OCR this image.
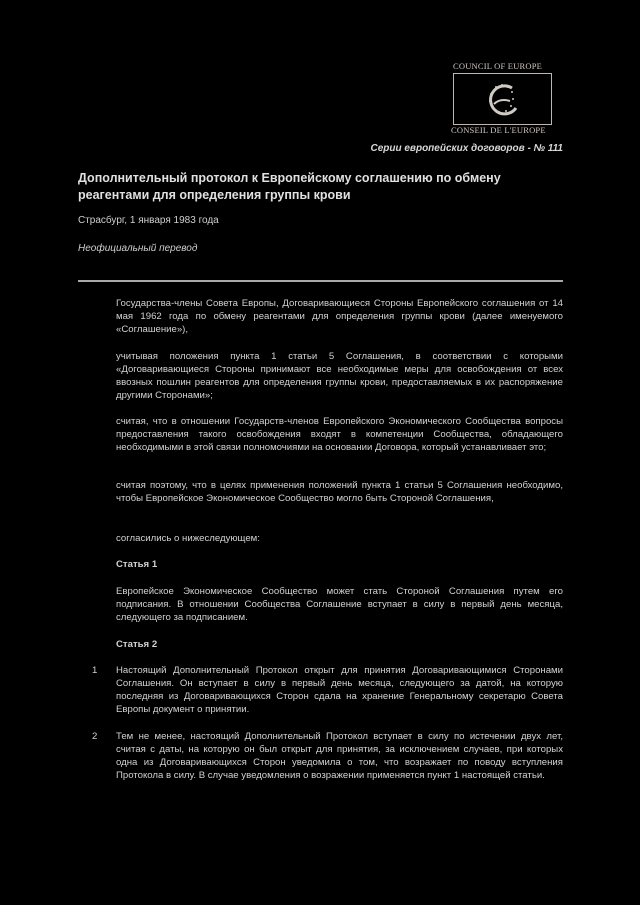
COUNCIL OF EUROPE
CONSEIL DE L'EUROPE
Серии европейских договоров - № 111
Дополнительный протокол к Европейскому соглашению по обмену реагентами для определения группы крови
Страсбург, 1 января 1983 года
Неофициальный перевод
Государства-члены Совета Европы, Договаривающиеся Стороны Европейского соглашения от 14 мая 1962 года по обмену реагентами для определения группы крови (далее именуемого «Соглашение»),
учитывая положения пункта 1 статьи 5 Соглашения, в соответствии с которыми «Договаривающиеся Стороны принимают все необходимые меры для освобождения от всех ввозных пошлин реагентов для определения группы крови, предоставляемых в их распоряжение другими Сторонами»;
считая, что в отношении Государств-членов Европейского Экономического Сообщества вопросы предоставления такого освобождения входят в компетенции Сообщества, обладающего необходимыми в этой связи полномочиями на основании Договора, который устанавливает это;
считая поэтому, что в целях применения положений пункта 1 статьи 5 Соглашения необходимо, чтобы Европейское Экономическое Сообщество могло быть Стороной Соглашения,
согласились о нижеследующем:
Статья 1
Европейское Экономическое Сообщество может стать Стороной Соглашения путем его подписания. В отношении Сообщества Соглашение вступает в силу в первый день месяца, следующего за подписанием.
Статья 2
1 Настоящий Дополнительный Протокол открыт для принятия Договаривающимися Сторонами Соглашения. Он вступает в силу в первый день месяца, следующего за датой, на которую последняя из Договаривающихся Сторон сдала на хранение Генеральному секретарю Совета Европы документ о принятии.
2 Тем не менее, настоящий Дополнительный Протокол вступает в силу по истечении двух лет, считая с даты, на которую он был открыт для принятия, за исключением случаев, при которых одна из Договаривающихся Сторон уведомила о том, что возражает по поводу вступления Протокола в силу. В случае уведомления о возражении применяется пункт 1 настоящей статьи.
